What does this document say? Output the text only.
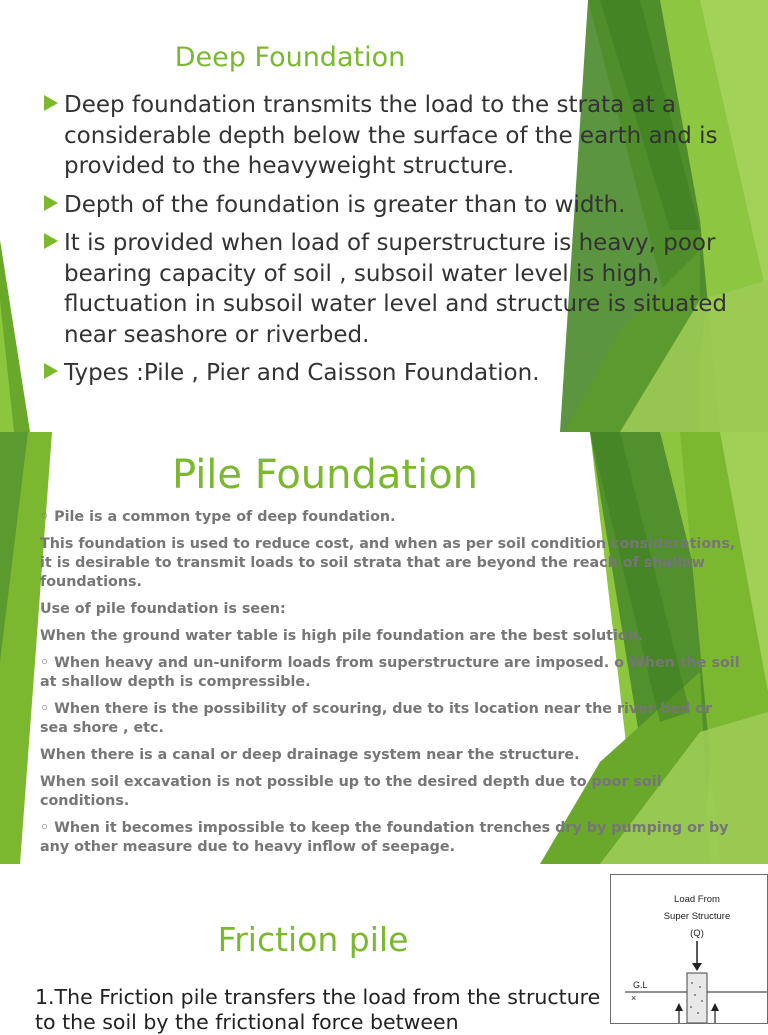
Deep Foundation
Deep foundation transmits the load to the strata at a considerable depth below the surface of the earth and is provided to the heavyweight structure.
Depth of the foundation is greater than to width.
It is provided when load of superstructure is heavy, poor bearing capacity of soil , subsoil water level is high, fluctuation in subsoil water level and structure is situated near seashore or riverbed.
Types :Pile , Pier and Caisson Foundation.
Pile Foundation

◦ Pile is a common type of deep foundation.

This foundation is used to reduce cost, and when as per soil condition considerations, it is desirable to transmit loads to soil strata that are beyond the reach of shallow foundations.

Use of pile foundation is seen:

When the ground water table is high pile foundation are the best solution.

◦ When heavy and un-uniform loads from superstructure are imposed. o When the soil at shallow depth is compressible.

◦ When there is the possibility of scouring, due to its location near the river bed or sea shore , etc.

When there is a canal or deep drainage system near the structure.

When soil excavation is not possible up to the desired depth due to poor soil conditions.

◦ When it becomes impossible to keep the foundation trenches dry by pumping or by any other measure due to heavy inflow of seepage.

Friction pile

1.The Friction pile transfers the load from the structure to the soil by the frictional force between

Load From
Super Structure
(Q)
G.L
×
